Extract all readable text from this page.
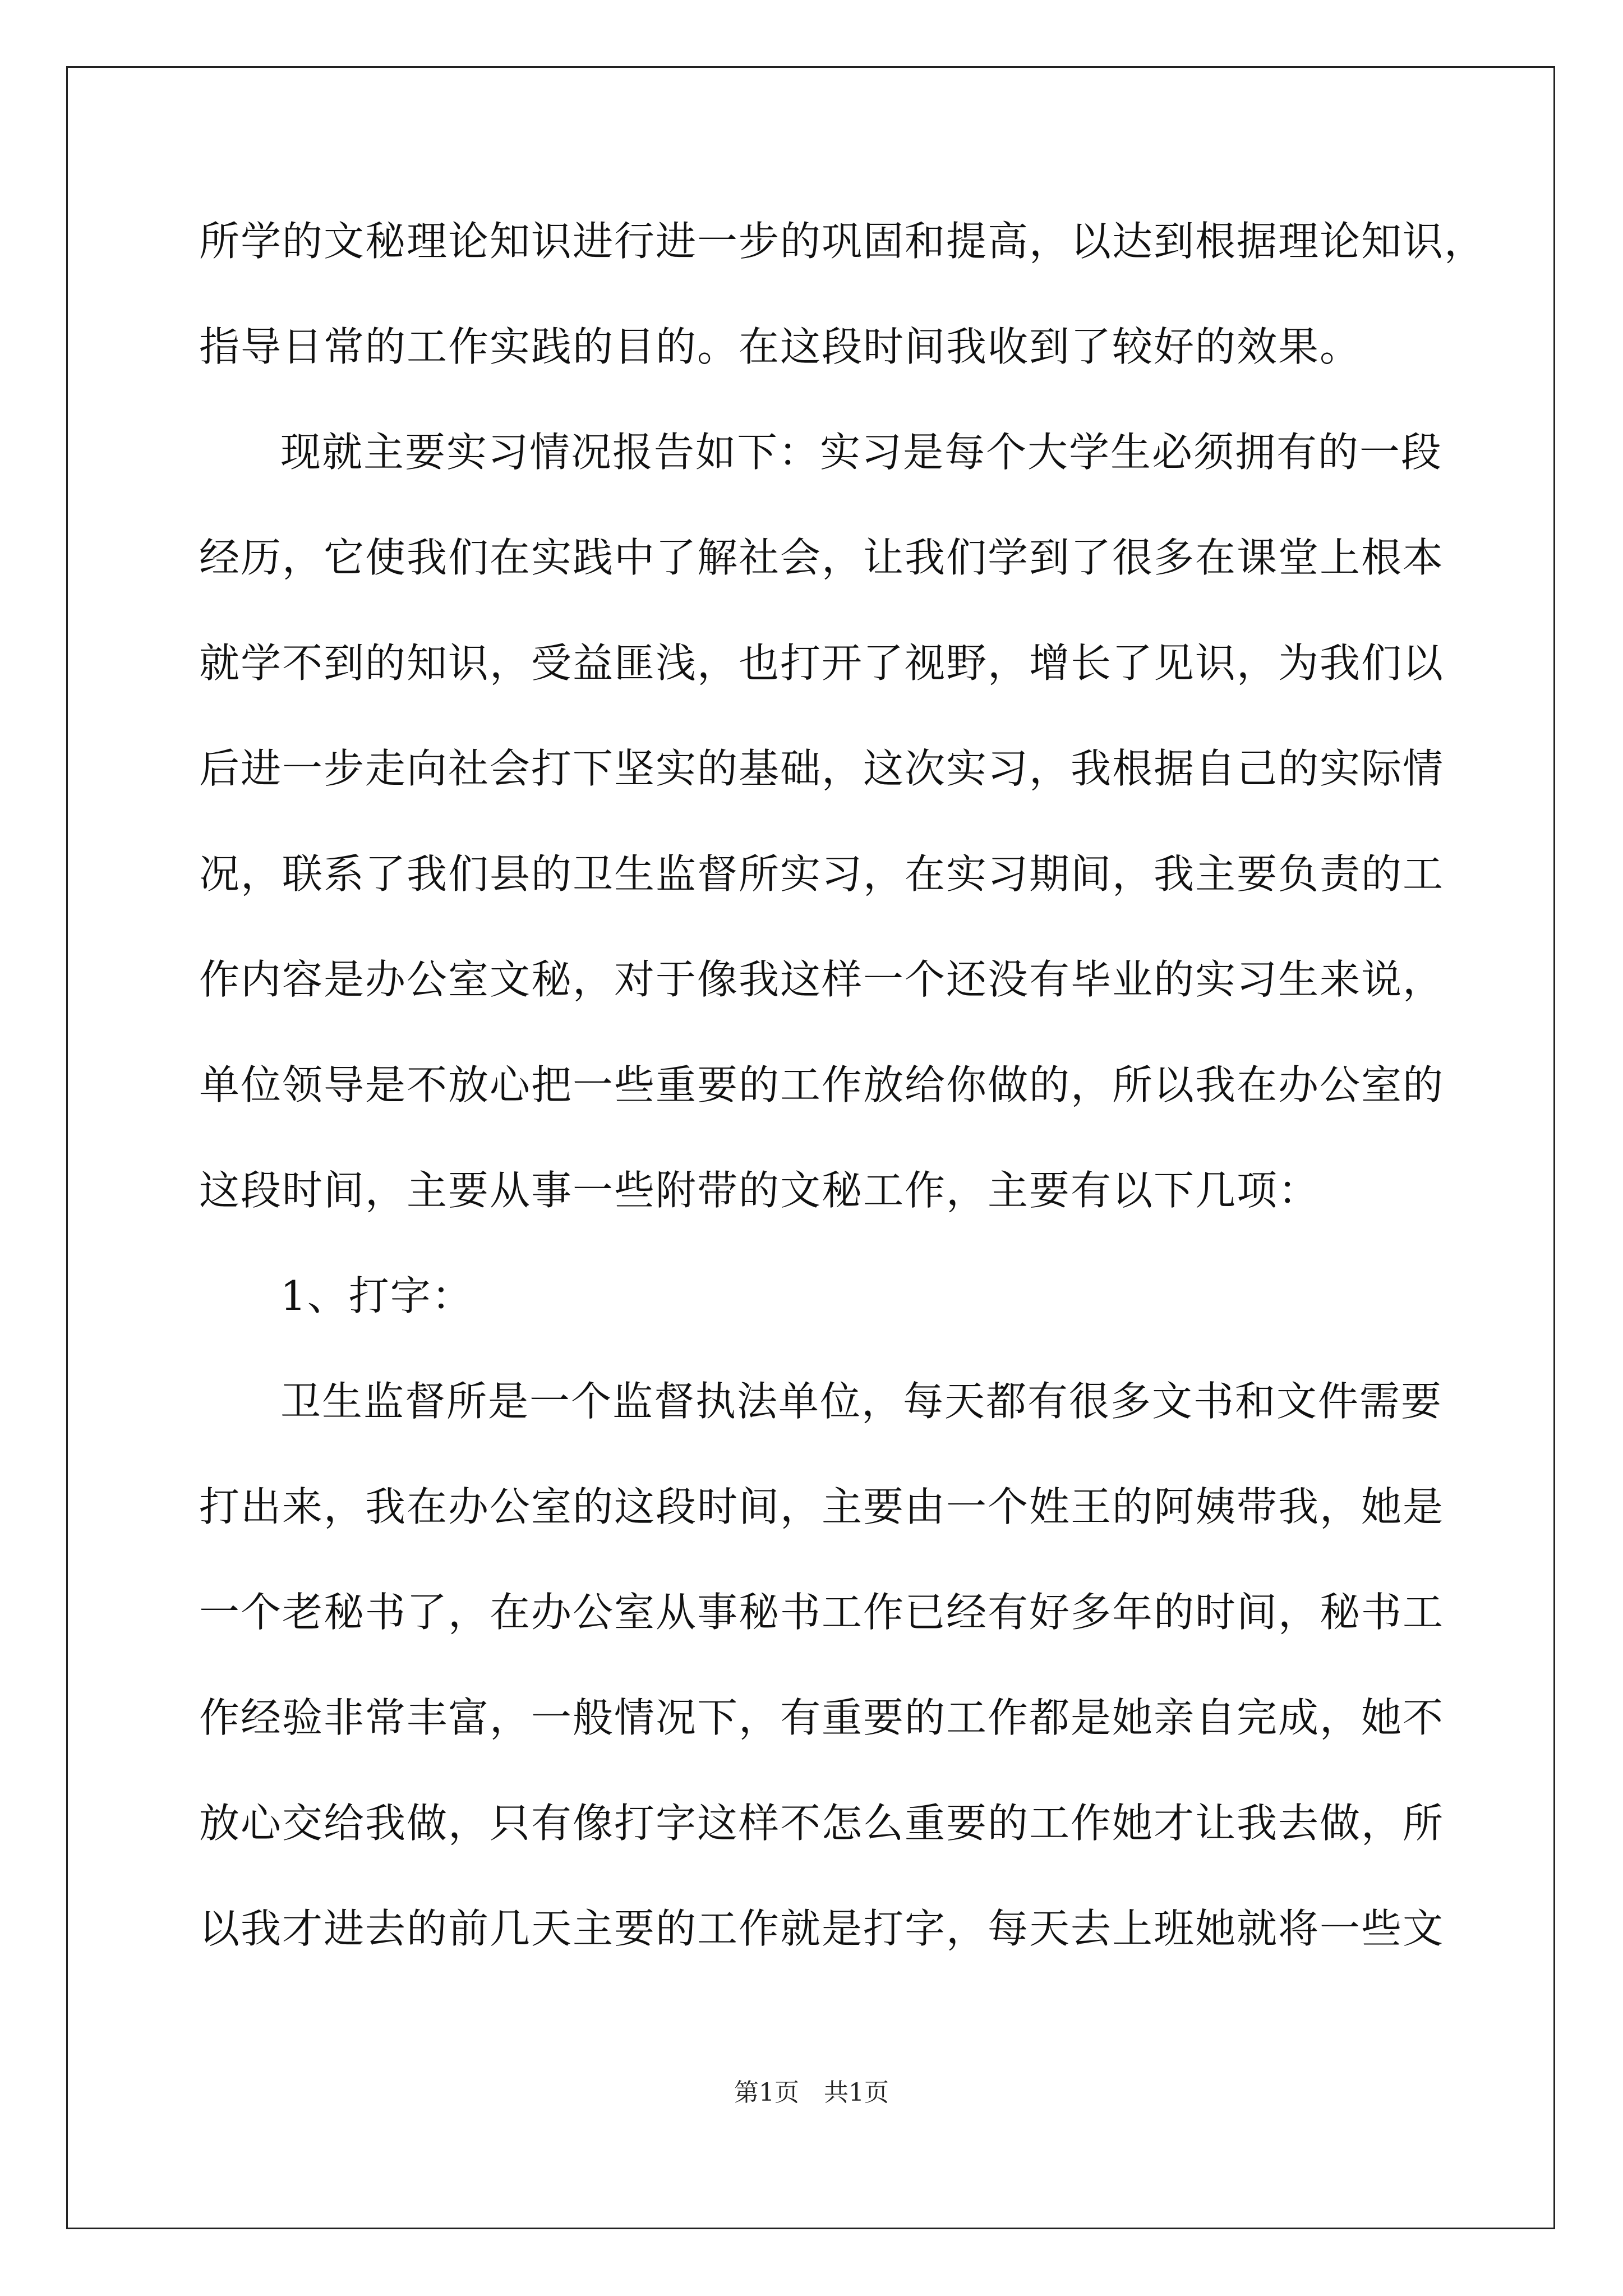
所学的文秘理论知识进行进一步的巩固和提高，以达到根据理论知识，
指导日常的工作实践的目的。在这段时间我收到了较好的效果。
现就主要实习情况报告如下：实习是每个大学生必须拥有的一段
经历，它使我们在实践中了解社会，让我们学到了很多在课堂上根本
就学不到的知识，受益匪浅，也打开了视野，增长了见识，为我们以
后进一步走向社会打下坚实的基础，这次实习，我根据自己的实际情
况，联系了我们县的卫生监督所实习，在实习期间，我主要负责的工
作内容是办公室文秘，对于像我这样一个还没有毕业的实习生来说，
单位领导是不放心把一些重要的工作放给你做的，所以我在办公室的
这段时间，主要从事一些附带的文秘工作，主要有以下几项：
1、打字：
卫生监督所是一个监督执法单位，每天都有很多文书和文件需要
打出来，我在办公室的这段时间，主要由一个姓王的阿姨带我，她是
一个老秘书了，在办公室从事秘书工作已经有好多年的时间，秘书工
作经验非常丰富，一般情况下，有重要的工作都是她亲自完成，她不
放心交给我做，只有像打字这样不怎么重要的工作她才让我去做，所
以我才进去的前几天主要的工作就是打字，每天去上班她就将一些文
第1页 共1页
